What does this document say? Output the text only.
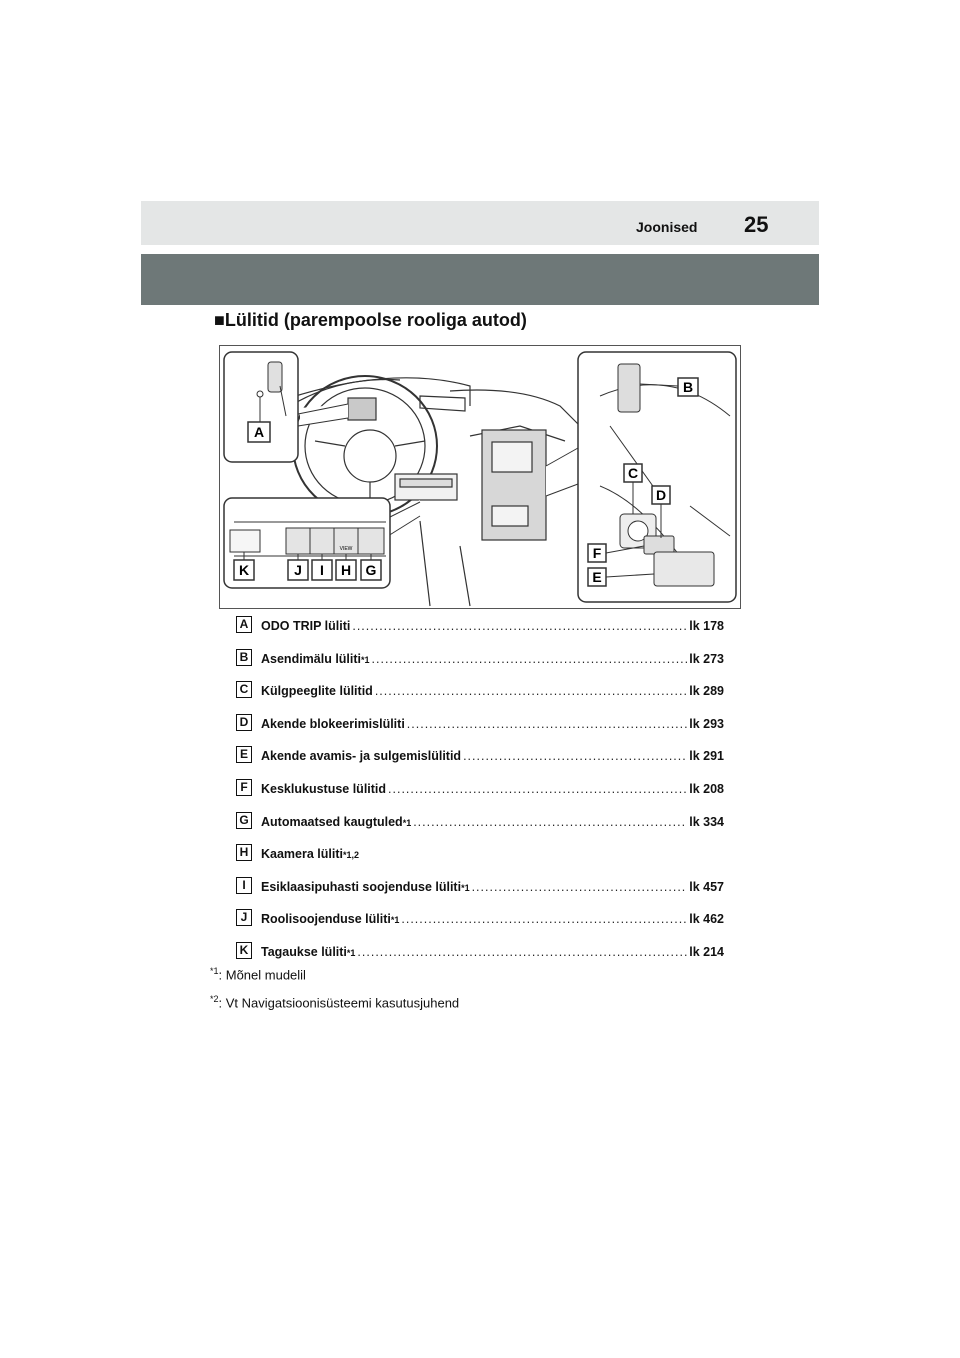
Joonised 25
■Lülitid (parempoolse rooliga autod)
A
B
C
D
F
E
VIEW
K	J I H G
A ODO TRIP lüliti .....	lk 178
B Asendimälu lüliti *1 .....	lk 273
C Külgpeeglite lülitid .....	lk 289
D Akende blokeerimislüliti .....	lk 293
E	Akende avamis- ja sulgemislülitid .....	lk 291
F	Kesklukustuse lülitid .....	lk 208
G Automaatsed kaugtuled *1 .....	lk 334
H Kaamera lüliti *1,2
I	Esiklaasipuhasti soojenduse lüliti *1 .....	lk 457
J	Roolisoojenduse lüliti *1 .....	lk 462
K Tagaukse lüliti *1 .....	lk 214
$^{*1}$: Mõnel mudelil
$^{*2}$: Vt Navigatsioonisüsteemi kasutusjuhend
